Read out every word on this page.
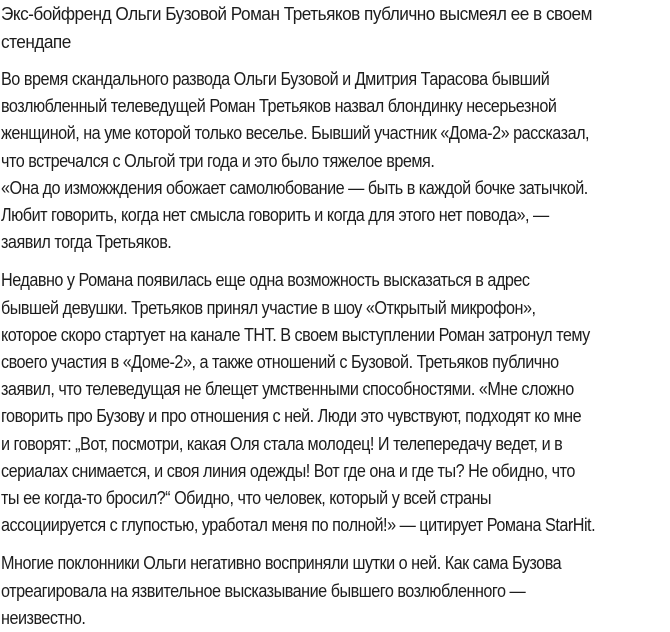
Экс-бойфренд Ольги Бузовой Роман Третьяков публично высмеял ее в своем
стендапе

Во время скандального развода Ольги Бузовой и Дмитрия Тарасова бывший
возлюбленный телеведущей Роман Третьяков назвал блондинку несерьезной
женщиной, на уме которой только веселье. Бывший участник «Дома-2» рассказал,
что встречался с Ольгой три года и это было тяжелое время.
«Она до изможждения обожает самолюбование — быть в каждой бочке затычкой.
Любит говорить, когда нет смысла говорить и когда для этого нет повода», —
заявил тогда Третьяков.

Недавно у Романа появилась еще одна возможность высказаться в адрес
бывшей девушки. Третьяков принял участие в шоу «Открытый микрофон»,
которое скоро стартует на канале ТНТ. В своем выступлении Роман затронул тему
своего участия в «Доме-2», а также отношений с Бузовой. Третьяков публично
заявил, что телеведущая не блещет умственными способностями. «Мне сложно
говорить про Бузову и про отношения с ней. Люди это чувствуют, подходят ко мне
и говорят: „Вот, посмотри, какая Оля стала молодец! И телепередачу ведет, и в
сериалах снимается, и своя линия одежды! Вот где она и где ты? Не обидно, что
ты ее когда-то бросил?“ Обидно, что человек, который у всей страны
ассоциируется с глупостью, уработал меня по полной!» — цитирует Романа StarHit.

Многие поклонники Ольги негативно восприняли шутки о ней. Как сама Бузова
отреагировала на язвительное высказывание бывшего возлюбленного —
неизвестно.
